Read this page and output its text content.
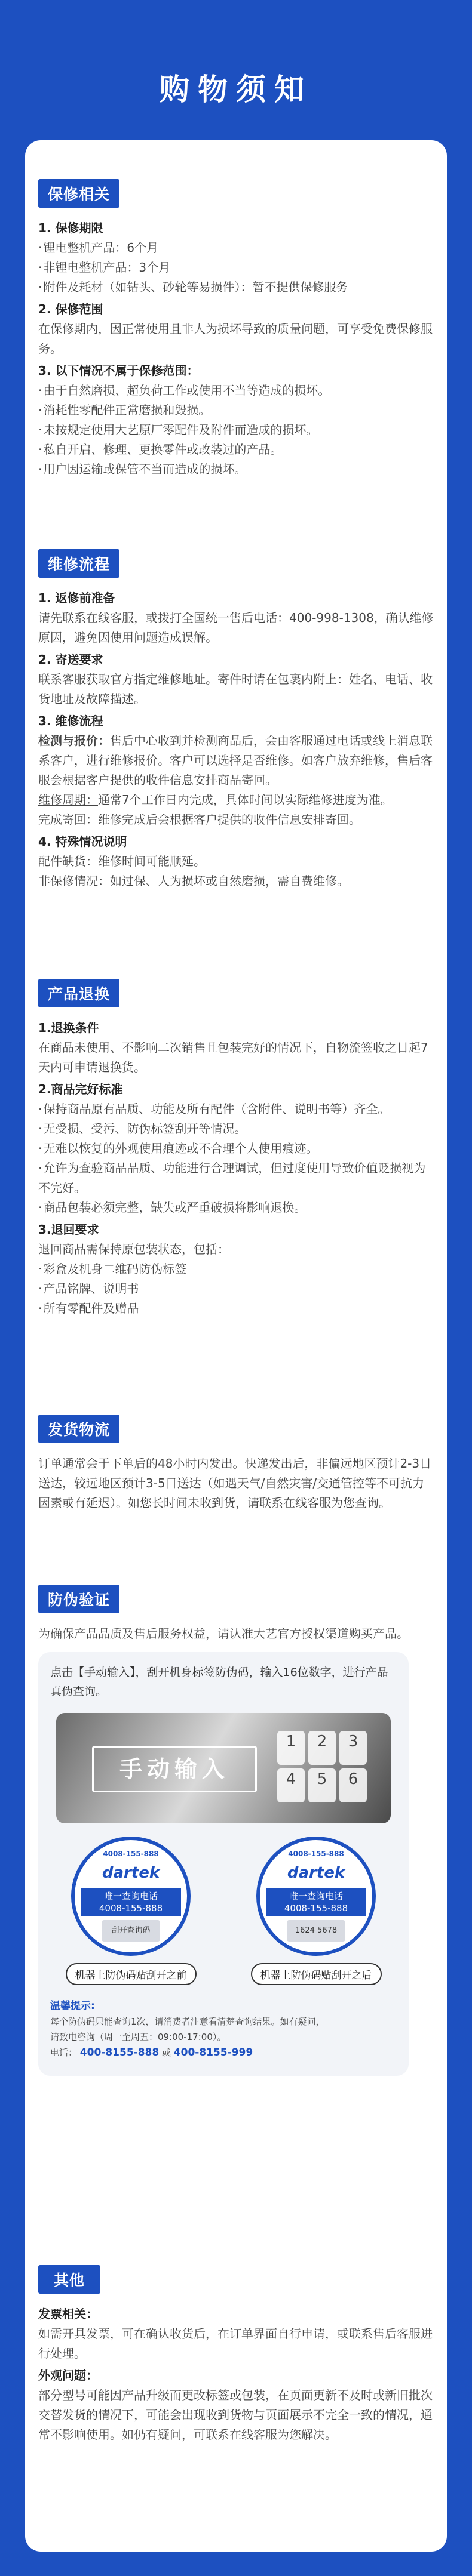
购物须知
保修相关
1. 保修期限
· 锂电整机产品：6个月
· 非锂电整机产品：3个月
· 附件及耗材（如钻头、砂轮等易损件）：暂不提供保修服务
2. 保修范围
在保修期内，因正常使用且非人为损坏导致的质量问题，可享受免费保修服务。
3. 以下情况不属于保修范围：
· 由于自然磨损、超负荷工作或使用不当等造成的损坏。
· 消耗性零配件正常磨损和毁损。
· 未按规定使用大艺原厂零配件及附件而造成的损坏。
· 私自开启、修理、更换零件或改装过的产品。
· 用户因运输或保管不当而造成的损坏。
维修流程
1. 返修前准备
请先联系在线客服，或拨打全国统一售后电话：400-998-1308，确认维修原因，避免因使用问题造成误解。
2. 寄送要求
联系客服获取官方指定维修地址。寄件时请在包裹内附上：姓名、电话、收货地址及故障描述。
3. 维修流程
检测与报价：售后中心收到并检测商品后，会由客服通过电话或线上消息联系客户，进行维修报价。客户可以选择是否维修。如客户放弃维修，售后客服会根据客户提供的收件信息安排商品寄回。
维修周期：通常7个工作日内完成，具体时间以实际维修进度为准。
完成寄回：维修完成后会根据客户提供的收件信息安排寄回。
4. 特殊情况说明
配件缺货：维修时间可能顺延。
非保修情况：如过保、人为损坏或自然磨损，需自费维修。
产品退换
1.退换条件
在商品未使用、不影响二次销售且包装完好的情况下，自物流签收之日起7天内可申请退换货。
2.商品完好标准
· 保持商品原有品质、功能及所有配件（含附件、说明书等）齐全。
· 无受损、受污、防伪标签刮开等情况。
· 无难以恢复的外观使用痕迹或不合理个人使用痕迹。
· 允许为查验商品品质、功能进行合理调试，但过度使用导致价值贬损视为不完好。
· 商品包装必须完整，缺失或严重破损将影响退换。
3.退回要求
退回商品需保持原包装状态，包括：
· 彩盒及机身二维码防伪标签
· 产品铭牌、说明书
· 所有零配件及赠品
发货物流
订单通常会于下单后的48小时内发出。快递发出后，非偏远地区预计2-3日送达，较远地区预计3-5日送达（如遇天气/自然灾害/交通管控等不可抗力因素或有延迟）。如您长时间未收到货，请联系在线客服为您查询。
防伪验证
为确保产品品质及售后服务权益，请认准大艺官方授权渠道购买产品。
点击【手动输入】，刮开机身标签防伪码，输入16位数字，进行产品真伪查询。
手动输入
1	2	3
4	5	6
4008-155-888
dartek
唯一查询电话
4008-155-888
刮开查询码
机器上防伪码贴刮开之前
4008-155-888
dartek
唯一查询电话
4008-155-888
1624 5678
机器上防伪码贴刮开之后
温馨提示:
每个防伪码只能查询1次，请消费者注意看清楚查询结果。如有疑问，
请致电咨询（周一至周五：09:00-17:00）。
电话： 400-8155-888 或 400-8155-999
其他
发票相关：
如需开具发票，可在确认收货后，在订单界面自行申请，或联系售后客服进行处理。
外观问题：
部分型号可能因产品升级而更改标签或包装，在页面更新不及时或新旧批次交替发货的情况下，可能会出现收到货物与页面展示不完全一致的情况，通常不影响使用。如仍有疑问，可联系在线客服为您解决。
